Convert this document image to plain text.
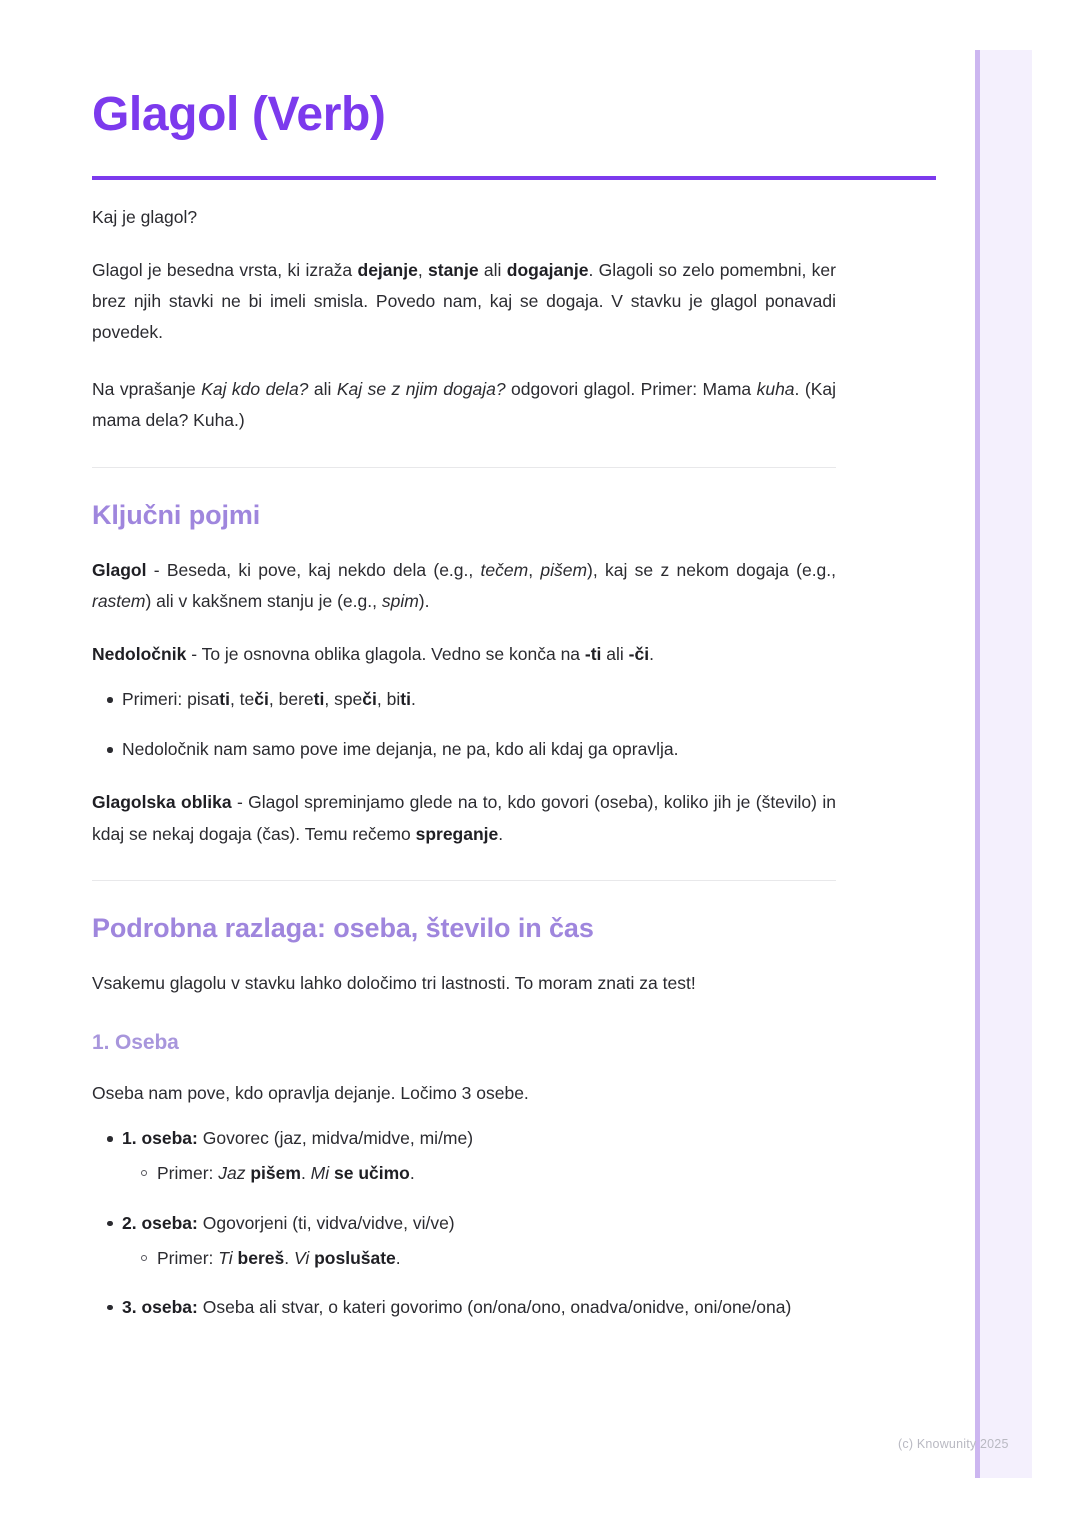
Glagol (Verb)

Kaj je glagol?

Glagol je besedna vrsta, ki izraža dejanje, stanje ali dogajanje. Glagoli so zelo pomembni, ker brez njih stavki ne bi imeli smisla. Povedo nam, kaj se dogaja. V stavku je glagol ponavadi povedek.

Na vprašanje Kaj kdo dela? ali Kaj se z njim dogaja? odgovori glagol. Primer: Mama kuha. (Kaj mama dela? Kuha.)

Ključni pojmi

Glagol - Beseda, ki pove, kaj nekdo dela (e.g., tečem, pišem), kaj se z nekom dogaja (e.g., rastem) ali v kakšnem stanju je (e.g., spim).

Nedoločnik - To je osnovna oblika glagola. Vedno se konča na -ti ali -či.

Primeri: pisati, teči, bereti, speči, biti.
Nedoločnik nam samo pove ime dejanja, ne pa, kdo ali kdaj ga opravlja.

Glagolska oblika - Glagol spreminjamo glede na to, kdo govori (oseba), koliko jih je (število) in kdaj se nekaj dogaja (čas). Temu rečemo spreganje.

Podrobna razlaga: oseba, število in čas

Vsakemu glagolu v stavku lahko določimo tri lastnosti. To moram znati za test!

1. Oseba

Oseba nam pove, kdo opravlja dejanje. Ločimo 3 osebe.

1. oseba: Govorec (jaz, midva/midve, mi/me)
Primer: Jaz pišem. Mi se učimo.
2. oseba: Ogovorjeni (ti, vidva/vidve, vi/ve)
Primer: Ti bereš. Vi poslušate.
3. oseba: Oseba ali stvar, o kateri govorimo (on/ona/ono, onadva/onidve, oni/one/ona)
(c) Knowunity 2025
